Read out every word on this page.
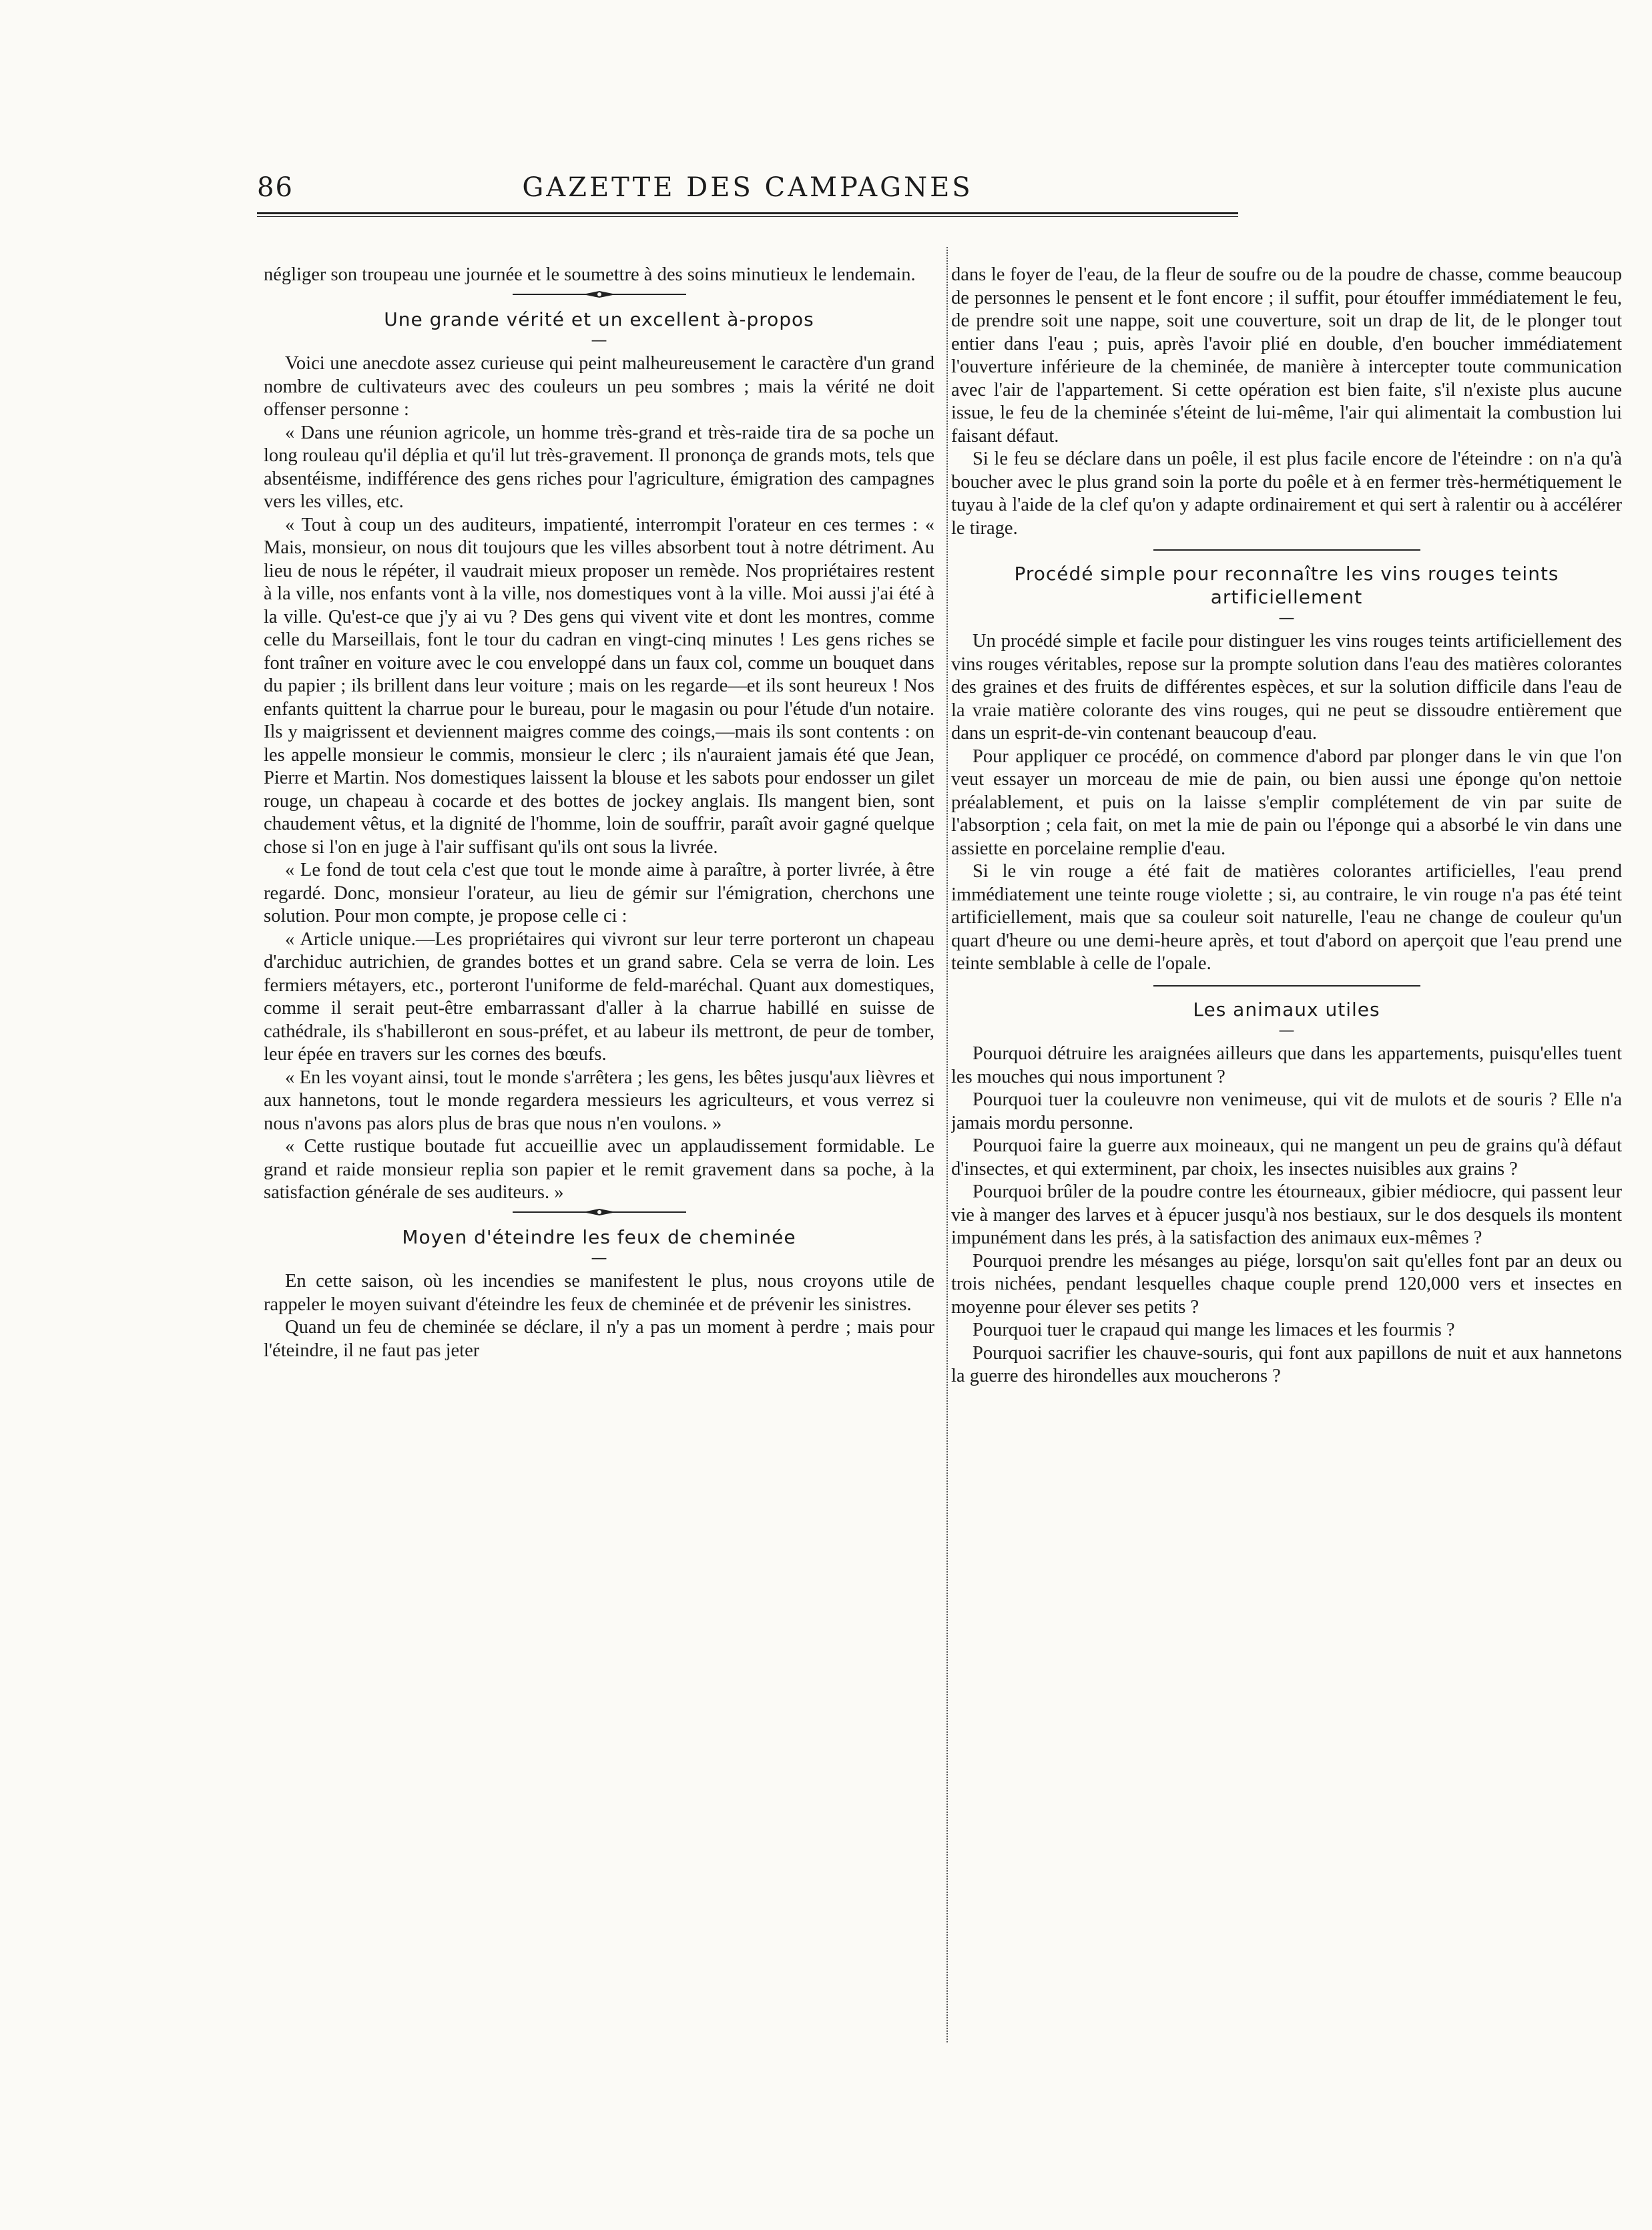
86	GAZETTE DES CAMPAGNES

négliger son troupeau une journée et le soumettre à des soins minutieux le lendemain.

Une grande vérité et un excellent à-propos
—

Voici une anecdote assez curieuse qui peint malheureusement le caractère d'un grand nombre de cultivateurs avec des couleurs un peu sombres ; mais la vérité ne doit offenser personne :

« Dans une réunion agricole, un homme très-grand et très-raide tira de sa poche un long rouleau qu'il déplia et qu'il lut très-gravement. Il prononça de grands mots, tels que absentéisme, indifférence des gens riches pour l'agriculture, émigration des campagnes vers les villes, etc.

« Tout à coup un des auditeurs, impatienté, interrompit l'orateur en ces termes : « Mais, monsieur, on nous dit toujours que les villes absorbent tout à notre détriment. Au lieu de nous le répéter, il vaudrait mieux proposer un remède. Nos propriétaires restent à la ville, nos enfants vont à la ville, nos domestiques vont à la ville. Moi aussi j'ai été à la ville. Qu'est-ce que j'y ai vu ? Des gens qui vivent vite et dont les montres, comme celle du Marseillais, font le tour du cadran en vingt-cinq minutes ! Les gens riches se font traîner en voiture avec le cou enveloppé dans un faux col, comme un bouquet dans du papier ; ils brillent dans leur voiture ; mais on les regarde—et ils sont heureux ! Nos enfants quittent la charrue pour le bureau, pour le magasin ou pour l'étude d'un notaire. Ils y maigrissent et deviennent maigres comme des coings,—mais ils sont contents : on les appelle monsieur le commis, monsieur le clerc ; ils n'auraient jamais été que Jean, Pierre et Martin. Nos domestiques laissent la blouse et les sabots pour endosser un gilet rouge, un chapeau à cocarde et des bottes de jockey anglais. Ils mangent bien, sont chaudement vêtus, et la dignité de l'homme, loin de souffrir, paraît avoir gagné quelque chose si l'on en juge à l'air suffisant qu'ils ont sous la livrée.

« Le fond de tout cela c'est que tout le monde aime à paraître, à porter livrée, à être regardé. Donc, monsieur l'orateur, au lieu de gémir sur l'émigration, cherchons une solution. Pour mon compte, je propose celle ci :

« Article unique.—Les propriétaires qui vivront sur leur terre porteront un chapeau d'archiduc autrichien, de grandes bottes et un grand sabre. Cela se verra de loin. Les fermiers métayers, etc., porteront l'uniforme de feld-maréchal. Quant aux domestiques, comme il serait peut-être embarrassant d'aller à la charrue habillé en suisse de cathédrale, ils s'habilleront en sous-préfet, et au labeur ils mettront, de peur de tomber, leur épée en travers sur les cornes des bœufs.

« En les voyant ainsi, tout le monde s'arrêtera ; les gens, les bêtes jusqu'aux lièvres et aux hannetons, tout le monde regardera messieurs les agriculteurs, et vous verrez si nous n'avons pas alors plus de bras que nous n'en voulons. »

« Cette rustique boutade fut accueillie avec un applaudissement formidable. Le grand et raide monsieur replia son papier et le remit gravement dans sa poche, à la satisfaction générale de ses auditeurs. »

Moyen d'éteindre les feux de cheminée
—

En cette saison, où les incendies se manifestent le plus, nous croyons utile de rappeler le moyen suivant d'éteindre les feux de cheminée et de prévenir les sinistres.

Quand un feu de cheminée se déclare, il n'y a pas un moment à perdre ; mais pour l'éteindre, il ne faut pas jeter

dans le foyer de l'eau, de la fleur de soufre ou de la poudre de chasse, comme beaucoup de personnes le pensent et le font encore ; il suffit, pour étouffer immédiatement le feu, de prendre soit une nappe, soit une couverture, soit un drap de lit, de le plonger tout entier dans l'eau ; puis, après l'avoir plié en double, d'en boucher immédiatement l'ouverture inférieure de la cheminée, de manière à intercepter toute communication avec l'air de l'appartement. Si cette opération est bien faite, s'il n'existe plus aucune issue, le feu de la cheminée s'éteint de lui-même, l'air qui alimentait la combustion lui faisant défaut.

Si le feu se déclare dans un poêle, il est plus facile encore de l'éteindre : on n'a qu'à boucher avec le plus grand soin la porte du poêle et à en fermer très-hermétiquement le tuyau à l'aide de la clef qu'on y adapte ordinairement et qui sert à ralentir ou à accélérer le tirage.

Procédé simple pour reconnaître les vins rouges teints artificiellement
—

Un procédé simple et facile pour distinguer les vins rouges teints artificiellement des vins rouges véritables, repose sur la prompte solution dans l'eau des matières colorantes des graines et des fruits de différentes espèces, et sur la solution difficile dans l'eau de la vraie matière colorante des vins rouges, qui ne peut se dissoudre entièrement que dans un esprit-de-vin contenant beaucoup d'eau.

Pour appliquer ce procédé, on commence d'abord par plonger dans le vin que l'on veut essayer un morceau de mie de pain, ou bien aussi une éponge qu'on nettoie préalablement, et puis on la laisse s'emplir complétement de vin par suite de l'absorption ; cela fait, on met la mie de pain ou l'éponge qui a absorbé le vin dans une assiette en porcelaine remplie d'eau.

Si le vin rouge a été fait de matières colorantes artificielles, l'eau prend immédiatement une teinte rouge violette ; si, au contraire, le vin rouge n'a pas été teint artificiellement, mais que sa couleur soit naturelle, l'eau ne change de couleur qu'un quart d'heure ou une demi-heure après, et tout d'abord on aperçoit que l'eau prend une teinte semblable à celle de l'opale.

Les animaux utiles
—

Pourquoi détruire les araignées ailleurs que dans les appartements, puisqu'elles tuent les mouches qui nous importunent ?

Pourquoi tuer la couleuvre non venimeuse, qui vit de mulots et de souris ? Elle n'a jamais mordu personne.

Pourquoi faire la guerre aux moineaux, qui ne mangent un peu de grains qu'à défaut d'insectes, et qui exterminent, par choix, les insectes nuisibles aux grains ?

Pourquoi brûler de la poudre contre les étourneaux, gibier médiocre, qui passent leur vie à manger des larves et à épucer jusqu'à nos bestiaux, sur le dos desquels ils montent impunément dans les prés, à la satisfaction des animaux eux-mêmes ?

Pourquoi prendre les mésanges au piége, lorsqu'on sait qu'elles font par an deux ou trois nichées, pendant lesquelles chaque couple prend 120,000 vers et insectes en moyenne pour élever ses petits ?

Pourquoi tuer le crapaud qui mange les limaces et les fourmis ?

Pourquoi sacrifier les chauve-souris, qui font aux papillons de nuit et aux hannetons la guerre des hirondelles aux moucherons ?
